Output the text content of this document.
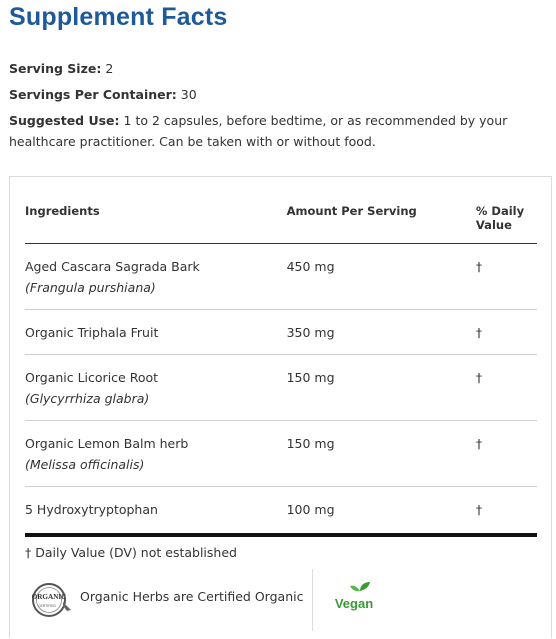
Supplement Facts
Serving Size: 2
Servings Per Container: 30
Suggested Use: 1 to 2 capsules, before bedtime, or as recommended by your healthcare practitioner. Can be taken with or without food.
Ingredients	Amount Per Serving	% Daily Value

Aged Cascara Sagrada Bark
(Frangula purshiana)	450 mg	†

Organic Triphala Fruit	350 mg	†

Organic Licorice Root
(Glycyrrhiza glabra)	150 mg	†

Organic Lemon Balm herb
(Melissa officinalis)	150 mg	†

5 Hydroxytryptophan	100 mg	†
† Daily Value (DV) not established
ORGANIC
CERTIFIED
Organic Herbs are Certified Organic Vegan
